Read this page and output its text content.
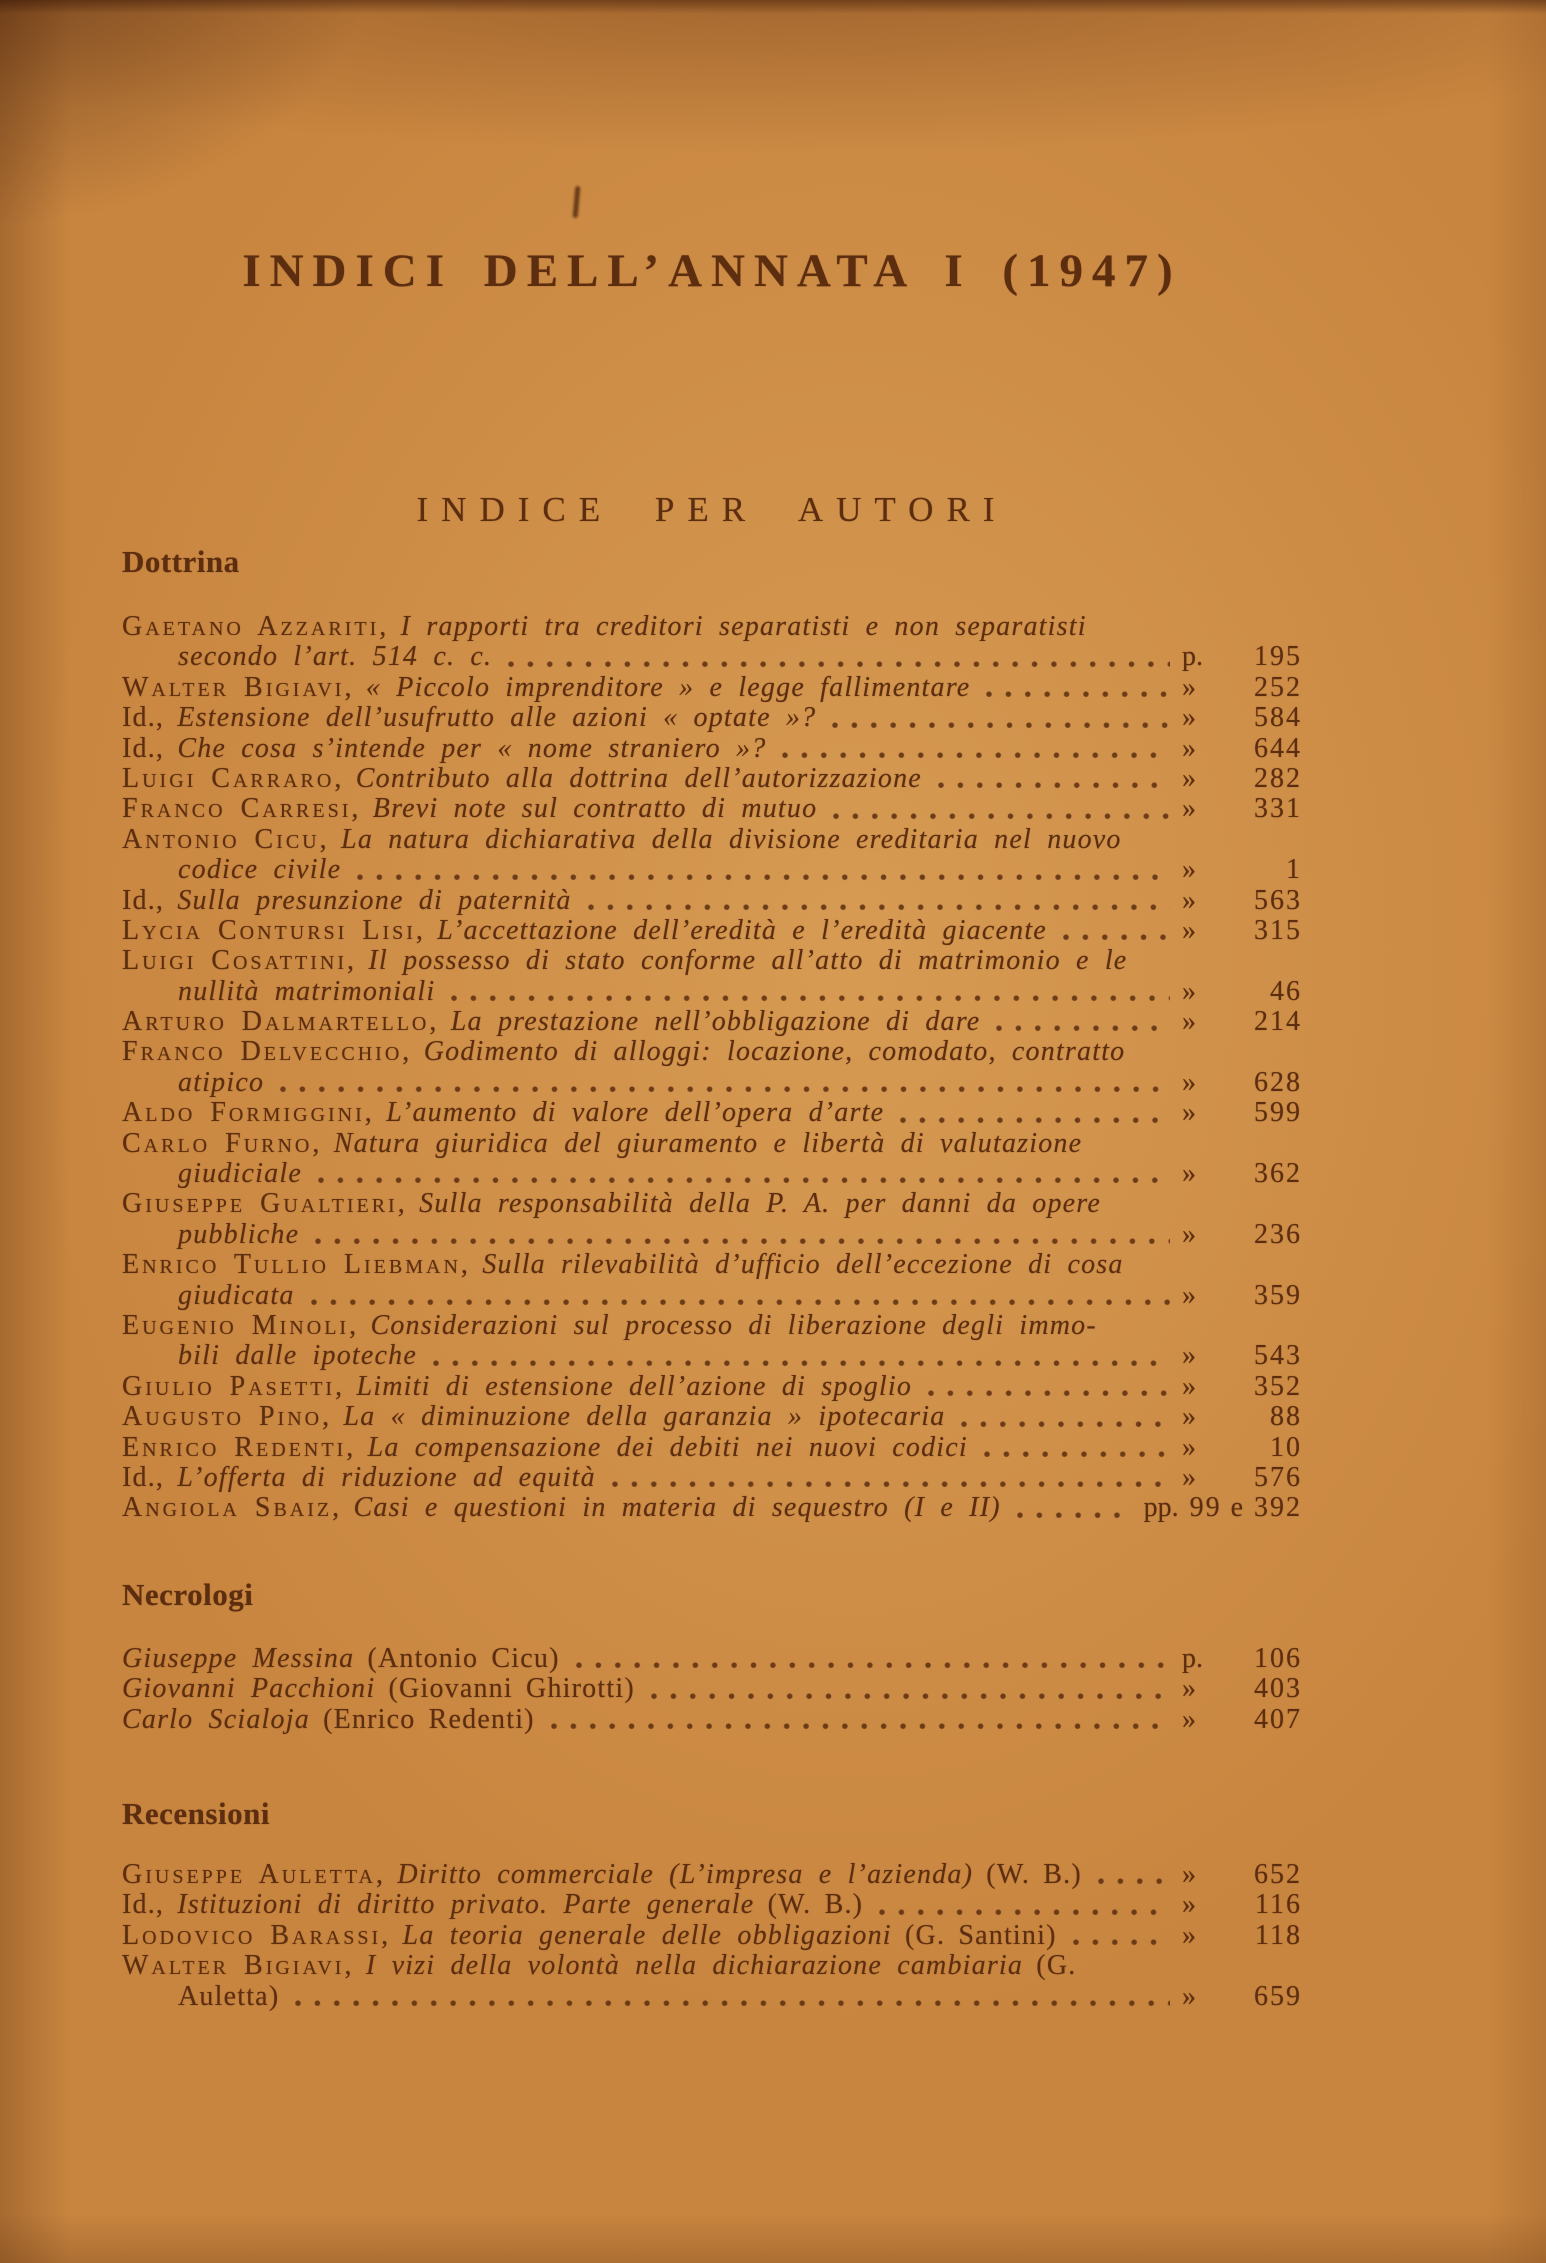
INDICI DELL’ANNATA I (1947)
INDICE PER AUTORI
Dottrina
Gaetano Azzariti, I rapporti tra creditori separatisti e non separatisti
secondo l’art. 514 c. c.	p.	195
Walter Bigiavi, « Piccolo imprenditore » e legge fallimentare	»	252
Id., Estensione dell’usufrutto alle azioni « optate »?	»	584
Id., Che cosa s’intende per « nome straniero »?	»	644
Luigi Carraro, Contributo alla dottrina dell’autorizzazione	»	282
Franco Carresi, Brevi note sul contratto di mutuo	»	331
Antonio Cicu, La natura dichiarativa della divisione ereditaria nel nuovo
codice civile	»	1
Id., Sulla presunzione di paternità	»	563
Lycia Contursi Lisi, L’accettazione dell’eredità e l’eredità giacente	»	315
Luigi Cosattini, Il possesso di stato conforme all’atto di matrimonio e le
nullità matrimoniali	»	46
Arturo Dalmartello, La prestazione nell’obbligazione di dare	»	214
Franco Delvecchio, Godimento di alloggi: locazione, comodato, contratto
atipico	»	628
Aldo Formiggini, L’aumento di valore dell’opera d’arte	»	599
Carlo Furno, Natura giuridica del giuramento e libertà di valutazione
giudiciale	»	362
Giuseppe Gualtieri, Sulla responsabilità della P. A. per danni da opere
pubbliche	»	236
Enrico Tullio Liebman, Sulla rilevabilità d’ufficio dell’eccezione di cosa
giudicata	»	359
Eugenio Minoli, Considerazioni sul processo di liberazione degli immo-
bili dalle ipoteche	»	543
Giulio Pasetti, Limiti di estensione dell’azione di spoglio	»	352
Augusto Pino, La « diminuzione della garanzia » ipotecaria	»	88
Enrico Redenti, La compensazione dei debiti nei nuovi codici	»	10
Id., L’offerta di riduzione ad equità	»	576
Angiola Sbaiz, Casi e questioni in materia di sequestro (I e II)	pp. 99 e 392
Necrologi
Giuseppe Messina (Antonio Cicu)	p.	106
Giovanni Pacchioni (Giovanni Ghirotti)	»	403
Carlo Scialoja (Enrico Redenti)	»	407
Recensioni
Giuseppe Auletta, Diritto commerciale (L’impresa e l’azienda) (W. B.)	»	652
Id., Istituzioni di diritto privato. Parte generale (W. B.)	»	116
Lodovico Barassi, La teoria generale delle obbligazioni (G. Santini)	»	118
Walter Bigiavi, I vizi della volontà nella dichiarazione cambiaria (G.
Auletta)	»	659
